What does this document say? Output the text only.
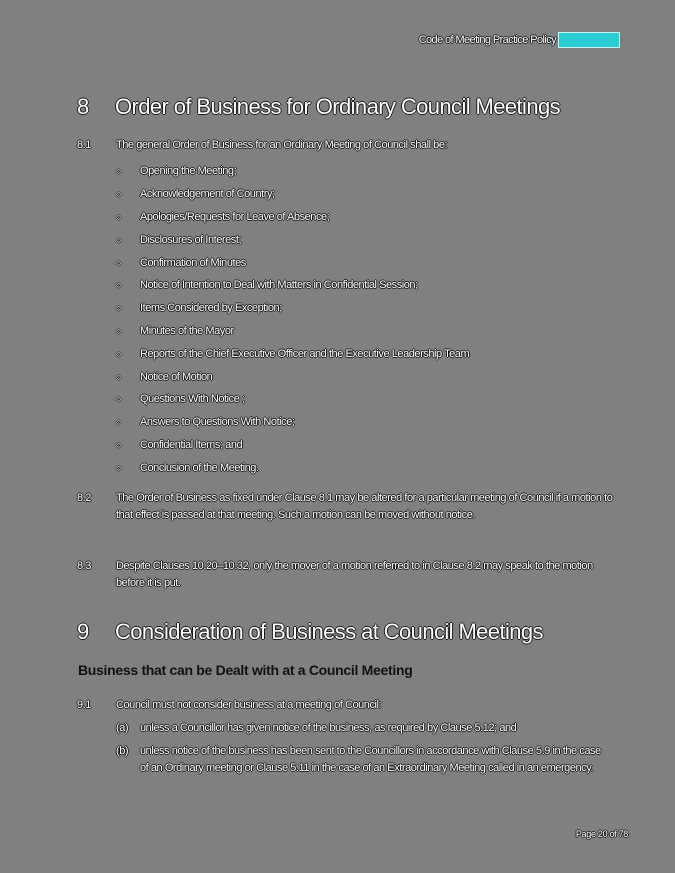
Code of Meeting Practice Policy
8	Order of Business for Ordinary Council Meetings
8.1	The general Order of Business for an Ordinary Meeting of Council shall be:
○	Opening the Meeting;
○	Acknowledgement of Country;
○	Apologies/Requests for Leave of Absence;
○	Disclosures of Interest;
○	Confirmation of Minutes
○	Notice of Intention to Deal with Matters in Confidential Session;
○	Items Considered by Exception;
○	Minutes of the Mayor
○	Reports of the Chief Executive Officer and the Executive Leadership Team
○	Notice of Motion
○	Questions With Notice ;
○	Answers to Questions With Notice;
○	Confidential Items; and
○	Conclusion of the Meeting.
8.2	The Order of Business as fixed under Clause 8.1 may be altered for a particular meeting of Council if a motion to that effect is passed at that meeting. Such a motion can be moved without notice.
8.3	Despite Clauses 10.20–10.32, only the mover of a motion referred to in Clause 8.2 may speak to the motion before it is put.
9	Consideration of Business at Council Meetings
Business that can be Dealt with at a Council Meeting
9.1	Council must not consider business at a meeting of Council:
(a)	unless a Councillor has given notice of the business, as required by Clause 5.12; and
(b)	unless notice of the business has been sent to the Councillors in accordance with Clause 5.9 in the case of an Ordinary meeting or Clause 5.11 in the case of an Extraordinary Meeting called in an emergency.
Page 20 of 78
